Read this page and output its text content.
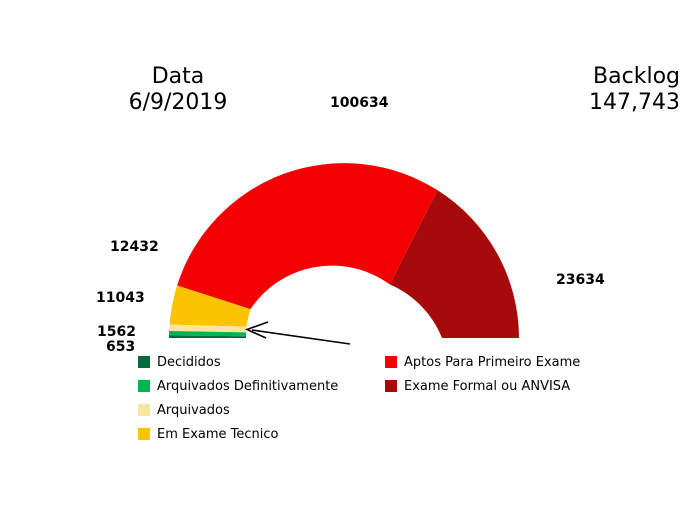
Data
6/9/2019
Backlog
147,743
100634
23634
12432
11043
1562
653
Decididos
Arquivados Definitivamente
Arquivados
Em Exame Tecnico
Aptos Para Primeiro Exame
Exame Formal ou ANVISA
